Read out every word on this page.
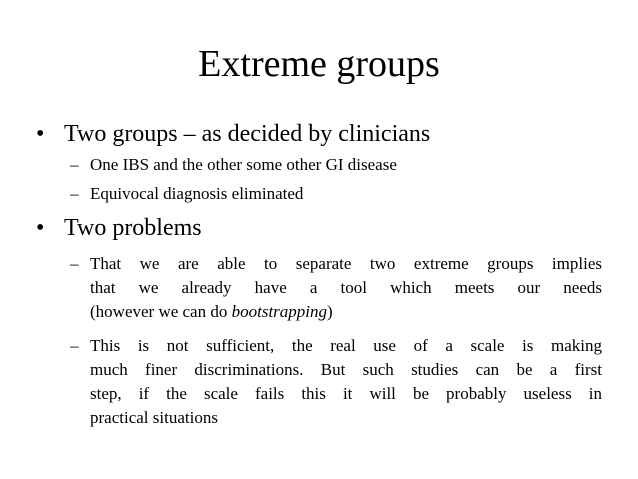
Extreme groups
• Two groups – as decided by clinicians
– One IBS and the other some other GI disease
– Equivocal diagnosis eliminated
• Two problems
– That we are able to separate two extreme groups implies
that we already have a tool which meets our needs
(however we can do bootstrapping)
– This is not sufficient, the real use of a scale is making
much finer discriminations. But such studies can be a first
step, if the scale fails this it will be probably useless in
practical situations
